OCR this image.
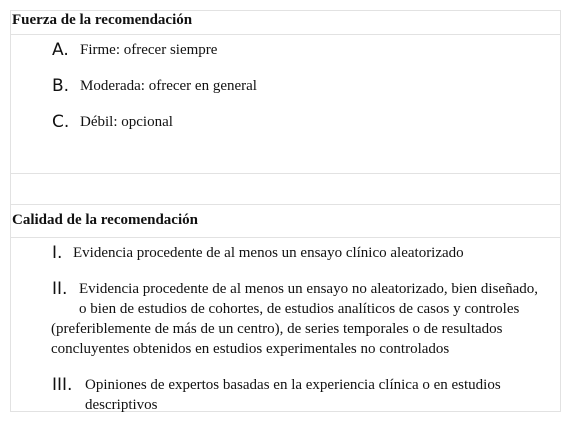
Fuerza de la recomendación
A. Firme: ofrecer siempre
B. Moderada: ofrecer en general
C. Débil: opcional
Calidad de la recomendación
I. Evidencia procedente de al menos un ensayo clínico aleatorizado
II. Evidencia procedente de al menos un ensayo no aleatorizado, bien diseñado,
o bien de estudios de cohortes, de estudios analíticos de casos y controles
(preferiblemente de más de un centro), de series temporales o de resultados concluyentes obtenidos en estudios experimentales no controlados
III. Opiniones de expertos basadas en la experiencia clínica o en estudios
descriptivos
